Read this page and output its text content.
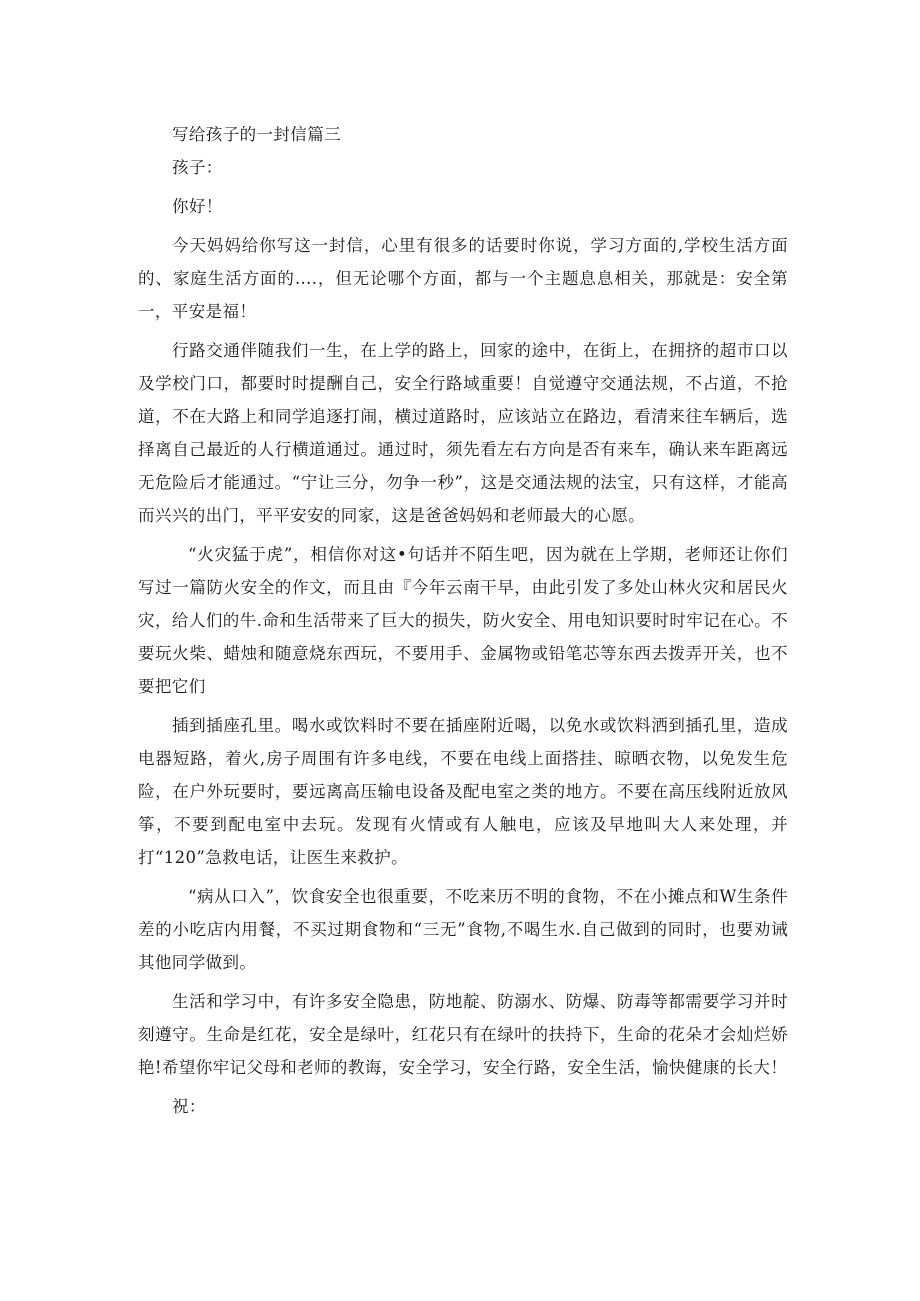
写给孩子的一封信篇三

孩子：

你好！

今天妈妈给你写这一封信，心里有很多的话要时你说，学习方面的,学校生活方面的、家庭生活方面的….，但无论哪个方面，都与一个主题息息相关，那就是：安全第一，平安是福！

行路交通伴随我们一生，在上学的路上，回家的途中，在街上，在拥挤的超市口以及学校门口，都要时时提酬自己，安全行路域重要！自觉遵守交通法规，不占道，不抢道，不在大路上和同学追逐打闹，横过道路时，应该站立在路边，看清来往车辆后，选择离自己最近的人行横道通过。通过时，须先看左右方向是否有来车，确认来车距离远无危险后才能通过。“宁让三分，勿争一秒”，这是交通法规的法宝，只有这样，才能高而兴兴的出门，平平安安的同家，这是爸爸妈妈和老师最大的心愿。

“火灾猛于虎”，相信你对这•句话并不陌生吧，因为就在上学期，老师还让你们写过一篇防火安全的作文，而且由『今年云南干早，由此引发了多处山林火灾和居民火灾，给人们的牛.命和生活带来了巨大的损失，防火安全、用电知识要时时牢记在心。不要玩火柴、蜡烛和随意烧东西玩，不要用手、金属物或铅笔芯等东西去拨弄开关，也不要把它们

插到插座孔里。喝水或饮料时不要在插座附近喝，以免水或饮料洒到插孔里，造成电器短路，着火,房子周围有许多电线，不要在电线上面搭挂、晾晒衣物，以免发生危险，在户外玩要时，要远离高压输电设备及配电室之类的地方。不要在高压线附近放风筝，不要到配电室中去玩。发现有火情或有人触电，应该及早地叫大人来处理，并打“120”急救电话，让医生来救护。

“病从口入”，饮食安全也很重要，不吃来历不明的食物，不在小摊点和W生条件差的小吃店内用餐，不买过期食物和“三无”食物,不喝生水.自己做到的同时，也要劝诫其他同学做到。

生活和学习中，有许多安全隐患，防地靛、防溺水、防爆、防毒等都需要学习并时刻遵守。生命是红花，安全是绿叶，红花只有在绿叶的扶持下，生命的花朵才会灿烂娇艳!希望你牢记父母和老师的教诲，安全学习，安全行路，安全生活，愉快健康的长大！

祝：
